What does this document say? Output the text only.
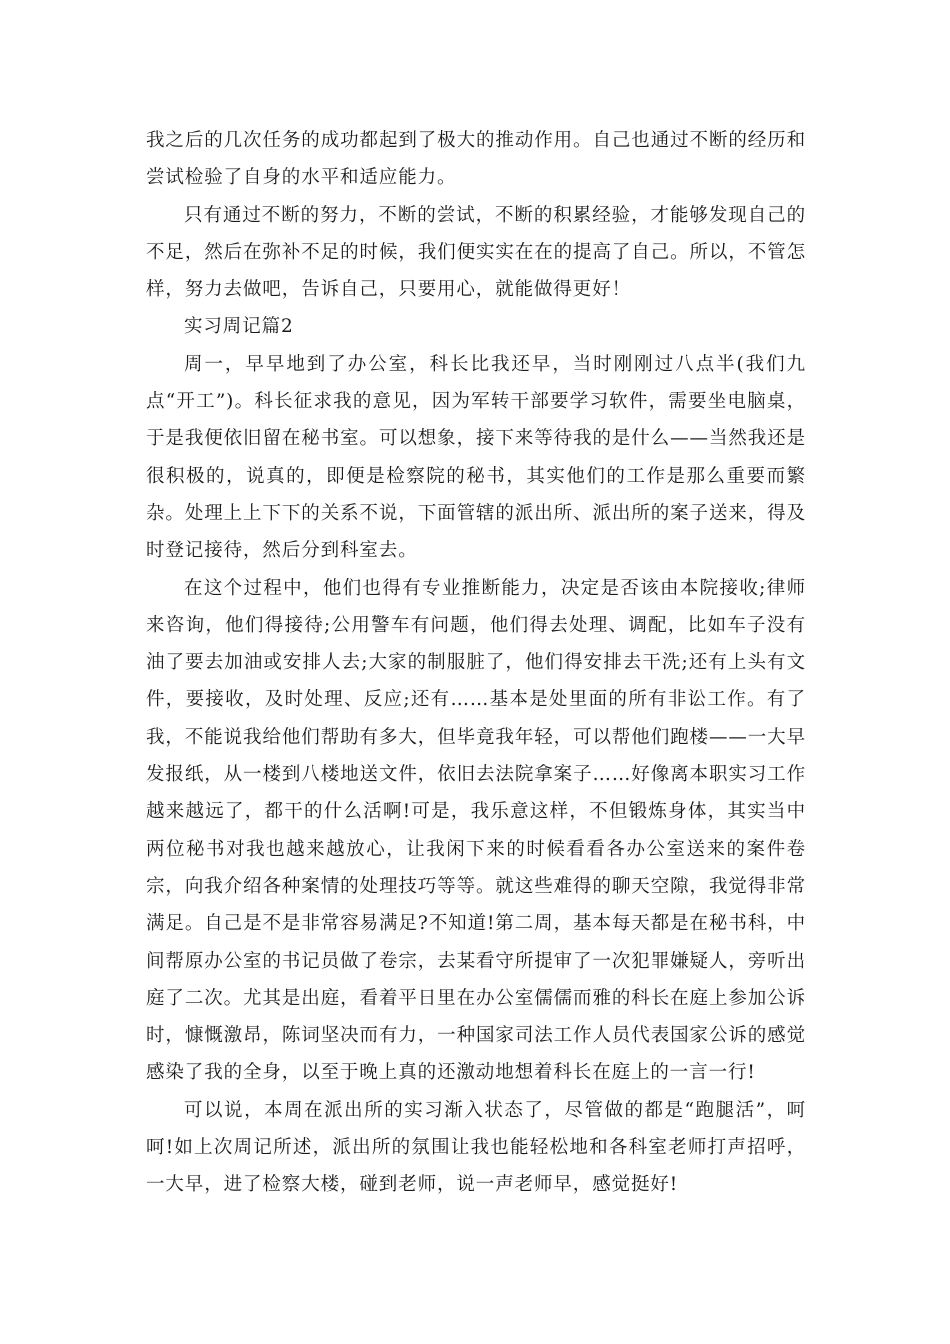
我之后的几次任务的成功都起到了极大的推动作用。自己也通过不断的经历和尝试检验了自身的水平和适应能力。

只有通过不断的努力，不断的尝试，不断的积累经验，才能够发现自己的不足，然后在弥补不足的时候，我们便实实在在的提高了自己。所以，不管怎样，努力去做吧，告诉自己，只要用心，就能做得更好！

实习周记篇2

周一，早早地到了办公室，科长比我还早，当时刚刚过八点半(我们九点“开工”)。科长征求我的意见，因为军转干部要学习软件，需要坐电脑桌，于是我便依旧留在秘书室。可以想象，接下来等待我的是什么——当然我还是很积极的，说真的，即便是检察院的秘书，其实他们的工作是那么重要而繁杂。处理上上下下的关系不说，下面管辖的派出所、派出所的案子送来，得及时登记接待，然后分到科室去。

在这个过程中，他们也得有专业推断能力，决定是否该由本院接收;律师来咨询，他们得接待;公用警车有问题，他们得去处理、调配，比如车子没有油了要去加油或安排人去;大家的制服脏了，他们得安排去干洗;还有上头有文件，要接收，及时处理、反应;还有……基本是处里面的所有非讼工作。有了我，不能说我给他们帮助有多大，但毕竟我年轻，可以帮他们跑楼——一大早发报纸，从一楼到八楼地送文件，依旧去法院拿案子……好像离本职实习工作越来越远了，都干的什么活啊!可是，我乐意这样，不但锻炼身体，其实当中两位秘书对我也越来越放心，让我闲下来的时候看看各办公室送来的案件卷宗，向我介绍各种案情的处理技巧等等。就这些难得的聊天空隙，我觉得非常满足。自己是不是非常容易满足?不知道!第二周，基本每天都是在秘书科，中间帮原办公室的书记员做了卷宗，去某看守所提审了一次犯罪嫌疑人，旁听出庭了二次。尤其是出庭，看着平日里在办公室儒儒而雅的科长在庭上参加公诉时，慷慨激昂，陈词坚决而有力，一种国家司法工作人员代表国家公诉的感觉感染了我的全身，以至于晚上真的还激动地想着科长在庭上的一言一行!

可以说，本周在派出所的实习渐入状态了，尽管做的都是“跑腿活”，呵呵!如上次周记所述，派出所的氛围让我也能轻松地和各科室老师打声招呼，一大早，进了检察大楼，碰到老师，说一声老师早，感觉挺好!
